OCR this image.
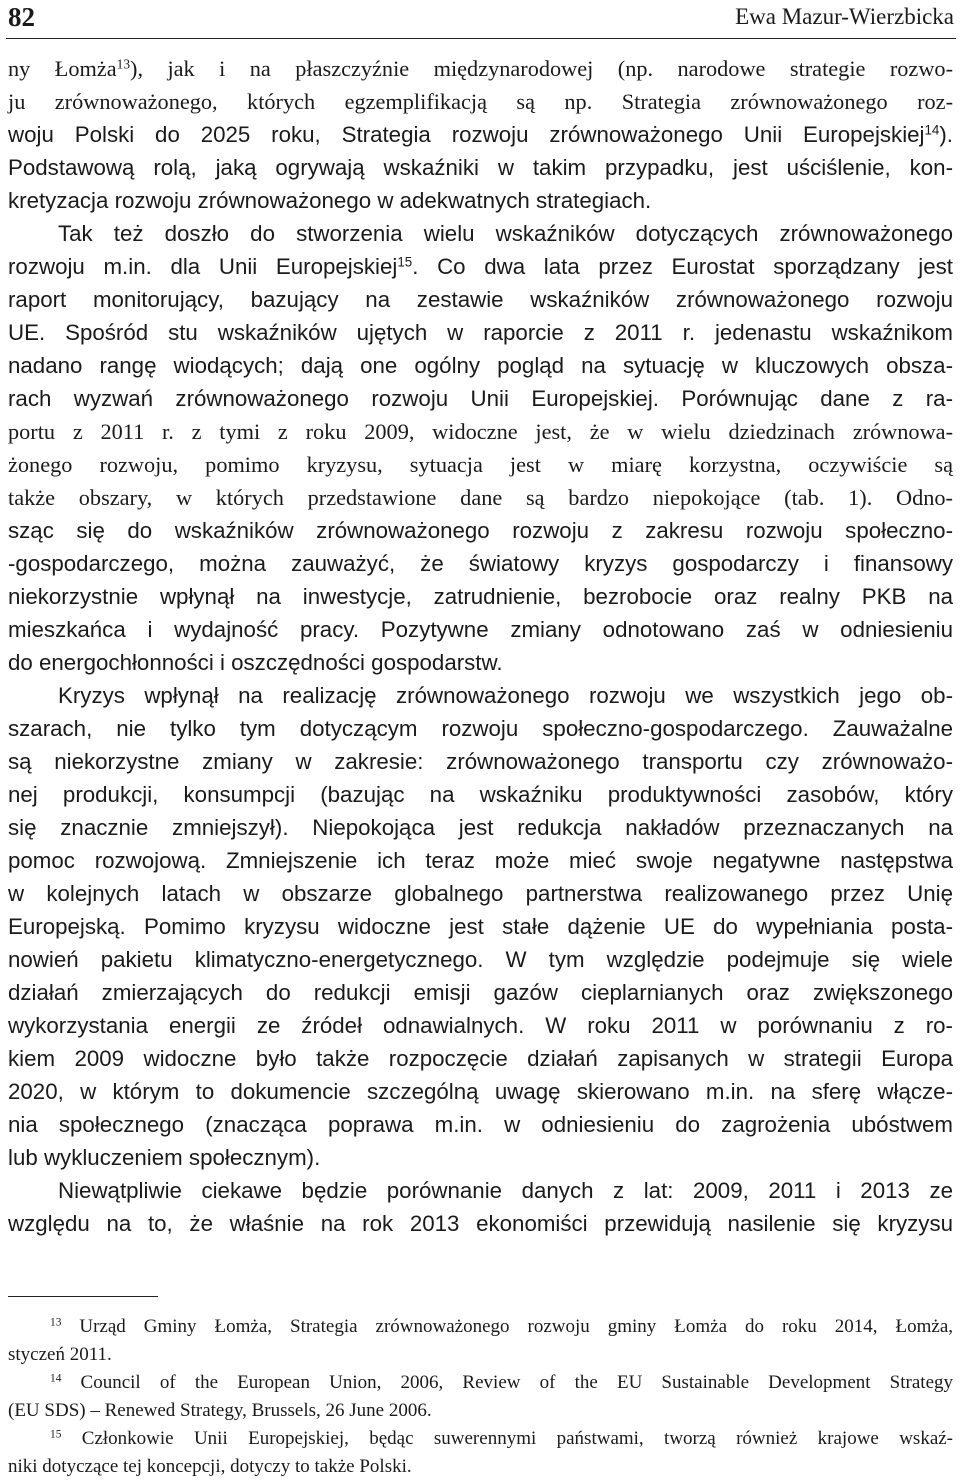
82	Ewa Mazur-Wierzbicka
ny Łomża$^{13}$), jak i na płaszczyźnie międzynarodowej (np. narodowe strategie rozwo-
ju zrównoważonego, których egzemplifikacją są np. Strategia zrównoważonego roz-
woju Polski do 2025 roku, Strategia rozwoju zrównoważonego Unii Europejskiej$^{14}$).
Podstawową rolą, jaką ogrywają wskaźniki w takim przypadku, jest uściślenie, kon-
kretyzacja rozwoju zrównoważonego w adekwatnych strategiach.
Tak też doszło do stworzenia wielu wskaźników dotyczących zrównoważonego
rozwoju m.in. dla Unii Europejskiej$^{15}$. Co dwa lata przez Eurostat sporządzany jest
raport monitorujący, bazujący na zestawie wskaźników zrównoważonego rozwoju
UE. Spośród stu wskaźników ujętych w raporcie z 2011 r. jedenastu wskaźnikom
nadano rangę wiodących; dają one ogólny pogląd na sytuację w kluczowych obsza-
rach wyzwań zrównoważonego rozwoju Unii Europejskiej. Porównując dane z ra-
portu z 2011 r. z tymi z roku 2009, widoczne jest, że w wielu dziedzinach zrównowa-
żonego rozwoju, pomimo kryzysu, sytuacja jest w miarę korzystna, oczywiście są
także obszary, w których przedstawione dane są bardzo niepokojące (tab. 1). Odno-
sząc się do wskaźników zrównoważonego rozwoju z zakresu rozwoju społeczno-
-gospodarczego, można zauważyć, że światowy kryzys gospodarczy i finansowy
niekorzystnie wpłynął na inwestycje, zatrudnienie, bezrobocie oraz realny PKB na
mieszkańca i wydajność pracy. Pozytywne zmiany odnotowano zaś w odniesieniu
do energochłonności i oszczędności gospodarstw.
Kryzys wpłynął na realizację zrównoważonego rozwoju we wszystkich jego ob-
szarach, nie tylko tym dotyczącym rozwoju społeczno-gospodarczego. Zauważalne
są niekorzystne zmiany w zakresie: zrównoważonego transportu czy zrównoważo-
nej produkcji, konsumpcji (bazując na wskaźniku produktywności zasobów, który
się znacznie zmniejszył). Niepokojąca jest redukcja nakładów przeznaczanych na
pomoc rozwojową. Zmniejszenie ich teraz może mieć swoje negatywne następstwa
w kolejnych latach w obszarze globalnego partnerstwa realizowanego przez Unię
Europejską. Pomimo kryzysu widoczne jest stałe dążenie UE do wypełniania posta-
nowień pakietu klimatyczno-energetycznego. W tym względzie podejmuje się wiele
działań zmierzających do redukcji emisji gazów cieplarnianych oraz zwiększonego
wykorzystania energii ze źródeł odnawialnych. W roku 2011 w porównaniu z ro-
kiem 2009 widoczne było także rozpoczęcie działań zapisanych w strategii Europa
2020, w którym to dokumencie szczególną uwagę skierowano m.in. na sferę włącze-
nia społecznego (znacząca poprawa m.in. w odniesieniu do zagrożenia ubóstwem
lub wykluczeniem społecznym).
Niewątpliwie ciekawe będzie porównanie danych z lat: 2009, 2011 i 2013 ze
względu na to, że właśnie na rok 2013 ekonomiści przewidują nasilenie się kryzysu
$^{13}$ Urząd Gminy Łomża, Strategia zrównoważonego rozwoju gminy Łomża do roku 2014, Łomża,
styczeń 2011.
$^{14}$ Council of the European Union, 2006, Review of the EU Sustainable Development Strategy
(EU SDS) – Renewed Strategy, Brussels, 26 June 2006.
$^{15}$ Członkowie Unii Europejskiej, będąc suwerennymi państwami, tworzą również krajowe wskaź-
niki dotyczące tej koncepcji, dotyczy to także Polski.
